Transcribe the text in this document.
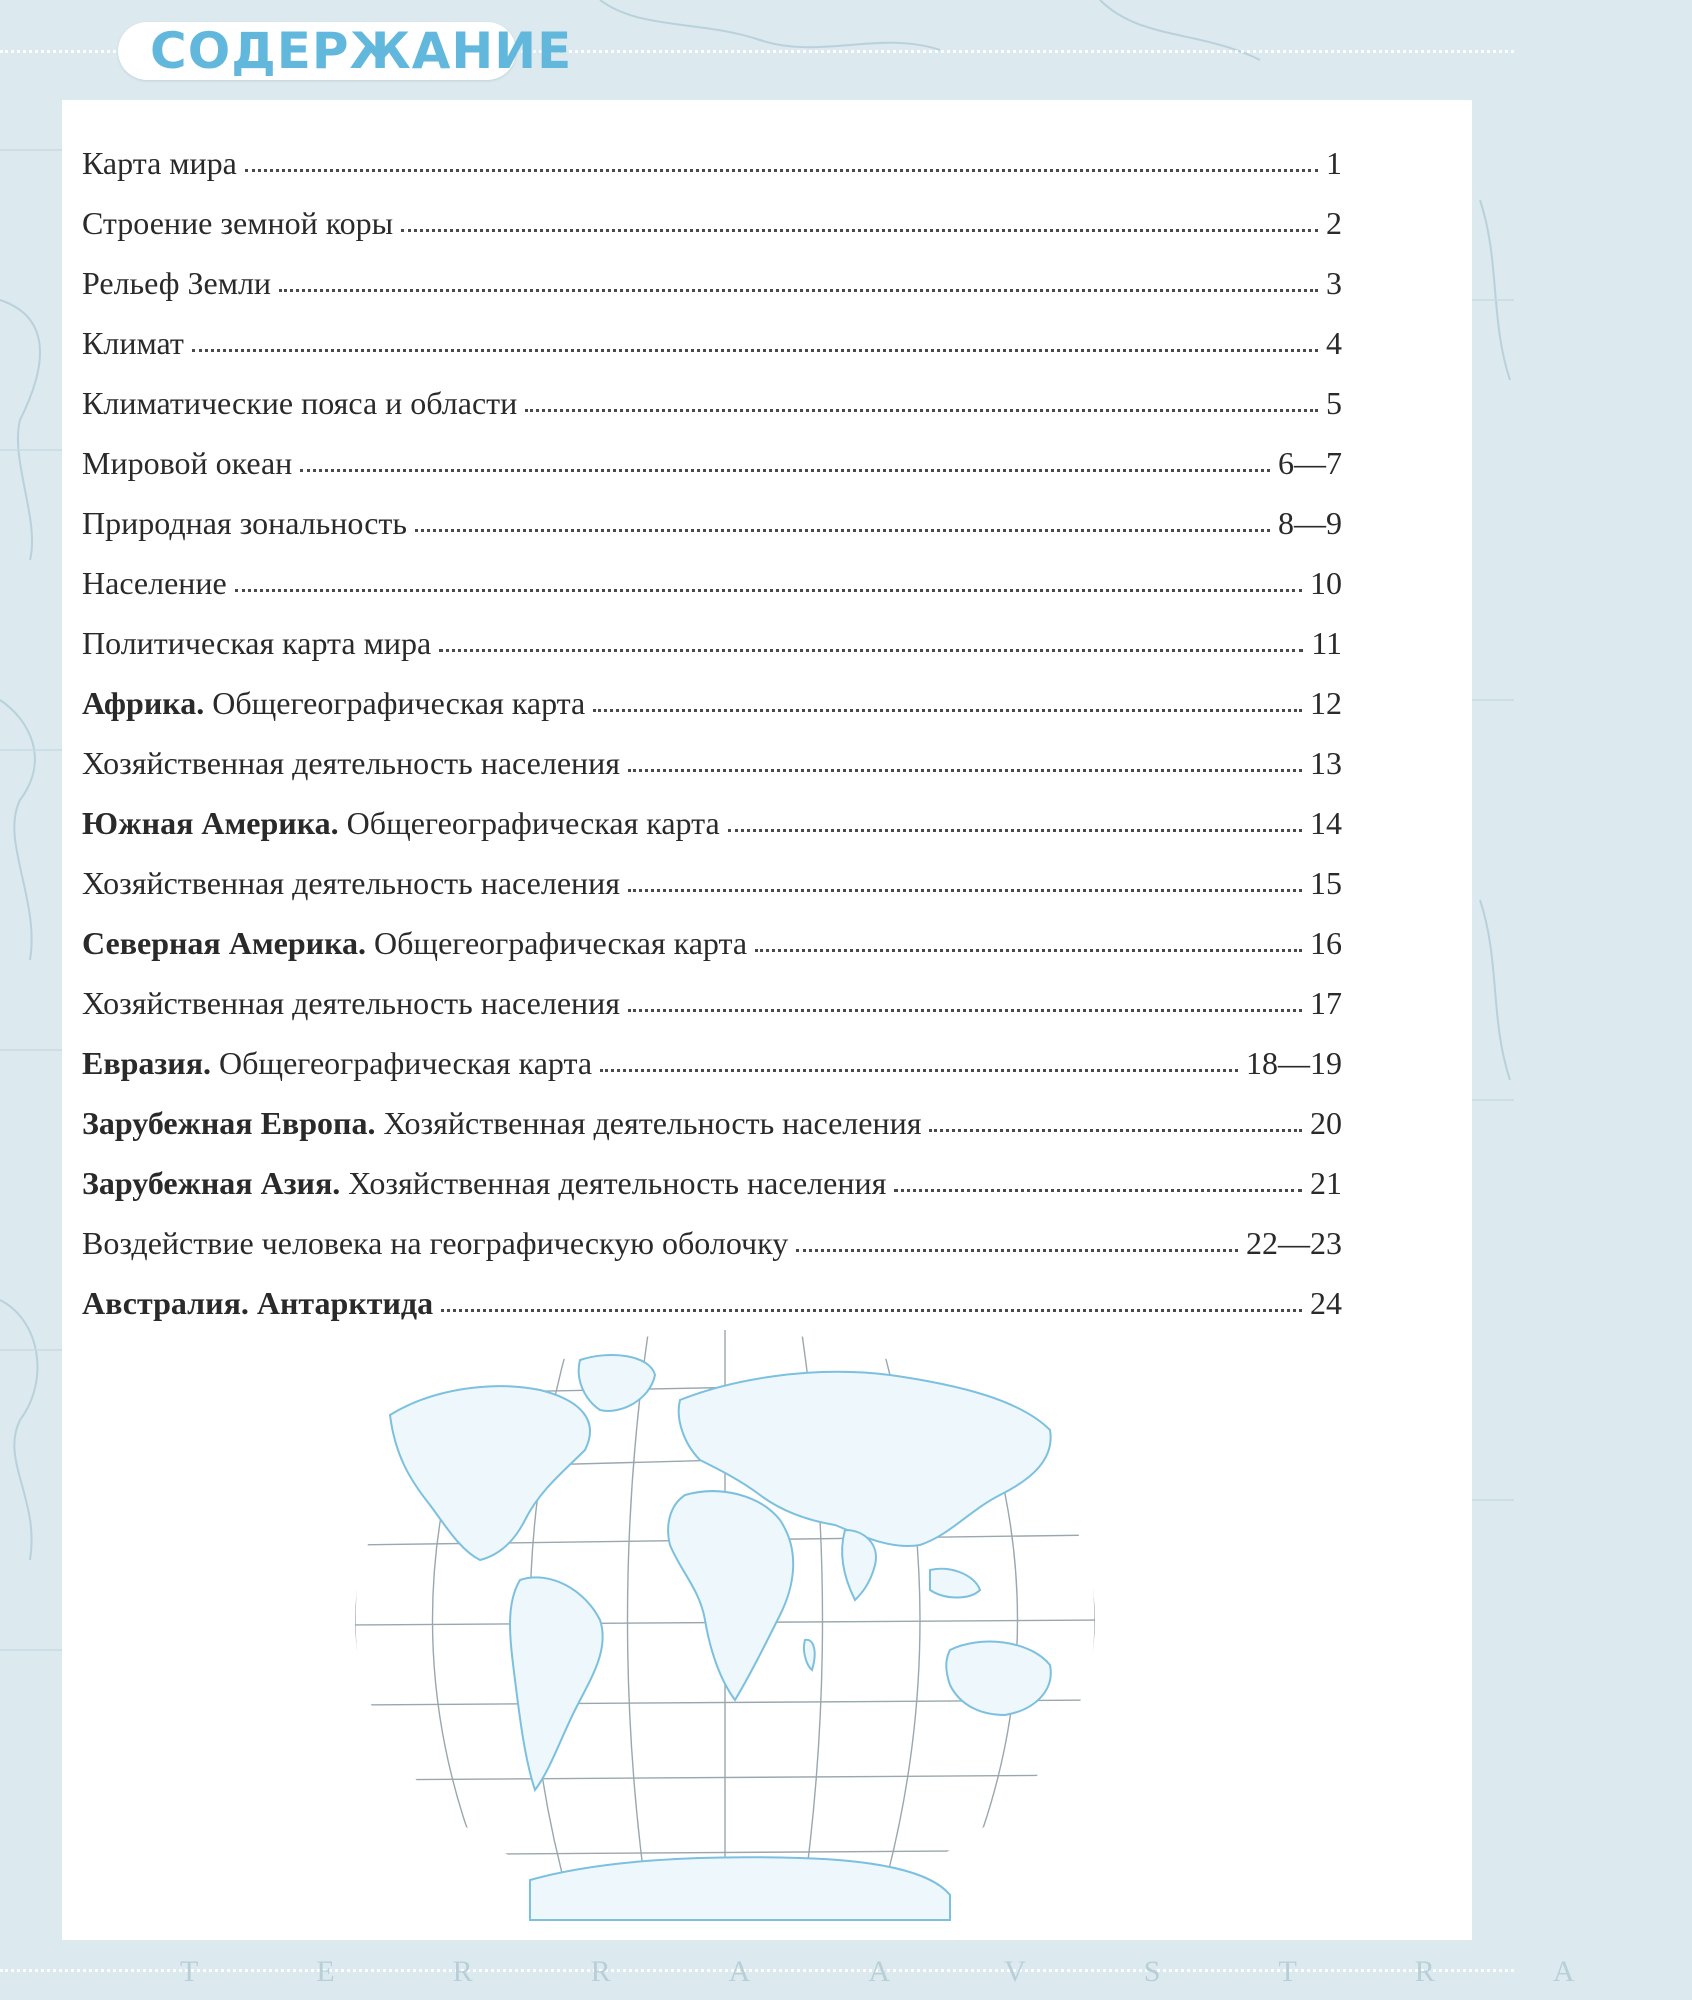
СОДЕРЖАНИЕ
Карта мира	1
Строение земной коры	2
Рельеф Земли	3
Климат	4
Климатические пояса и области	5
Мировой океан	6—7
Природная зональность	8—9
Население	10
Политическая карта мира	11
Африка. Общегеографическая карта	12
Хозяйственная деятельность населения	13
Южная Америка. Общегеографическая карта	14
Хозяйственная деятельность населения	15
Северная Америка. Общегеографическая карта	16
Хозяйственная деятельность населения	17
Евразия. Общегеографическая карта	18—19
Зарубежная Европа. Хозяйственная деятельность населения	20
Зарубежная Азия. Хозяйственная деятельность населения	21
Воздействие человека на географическую оболочку	22—23
Австралия. Антарктида	24
TERRAAVSTRA
